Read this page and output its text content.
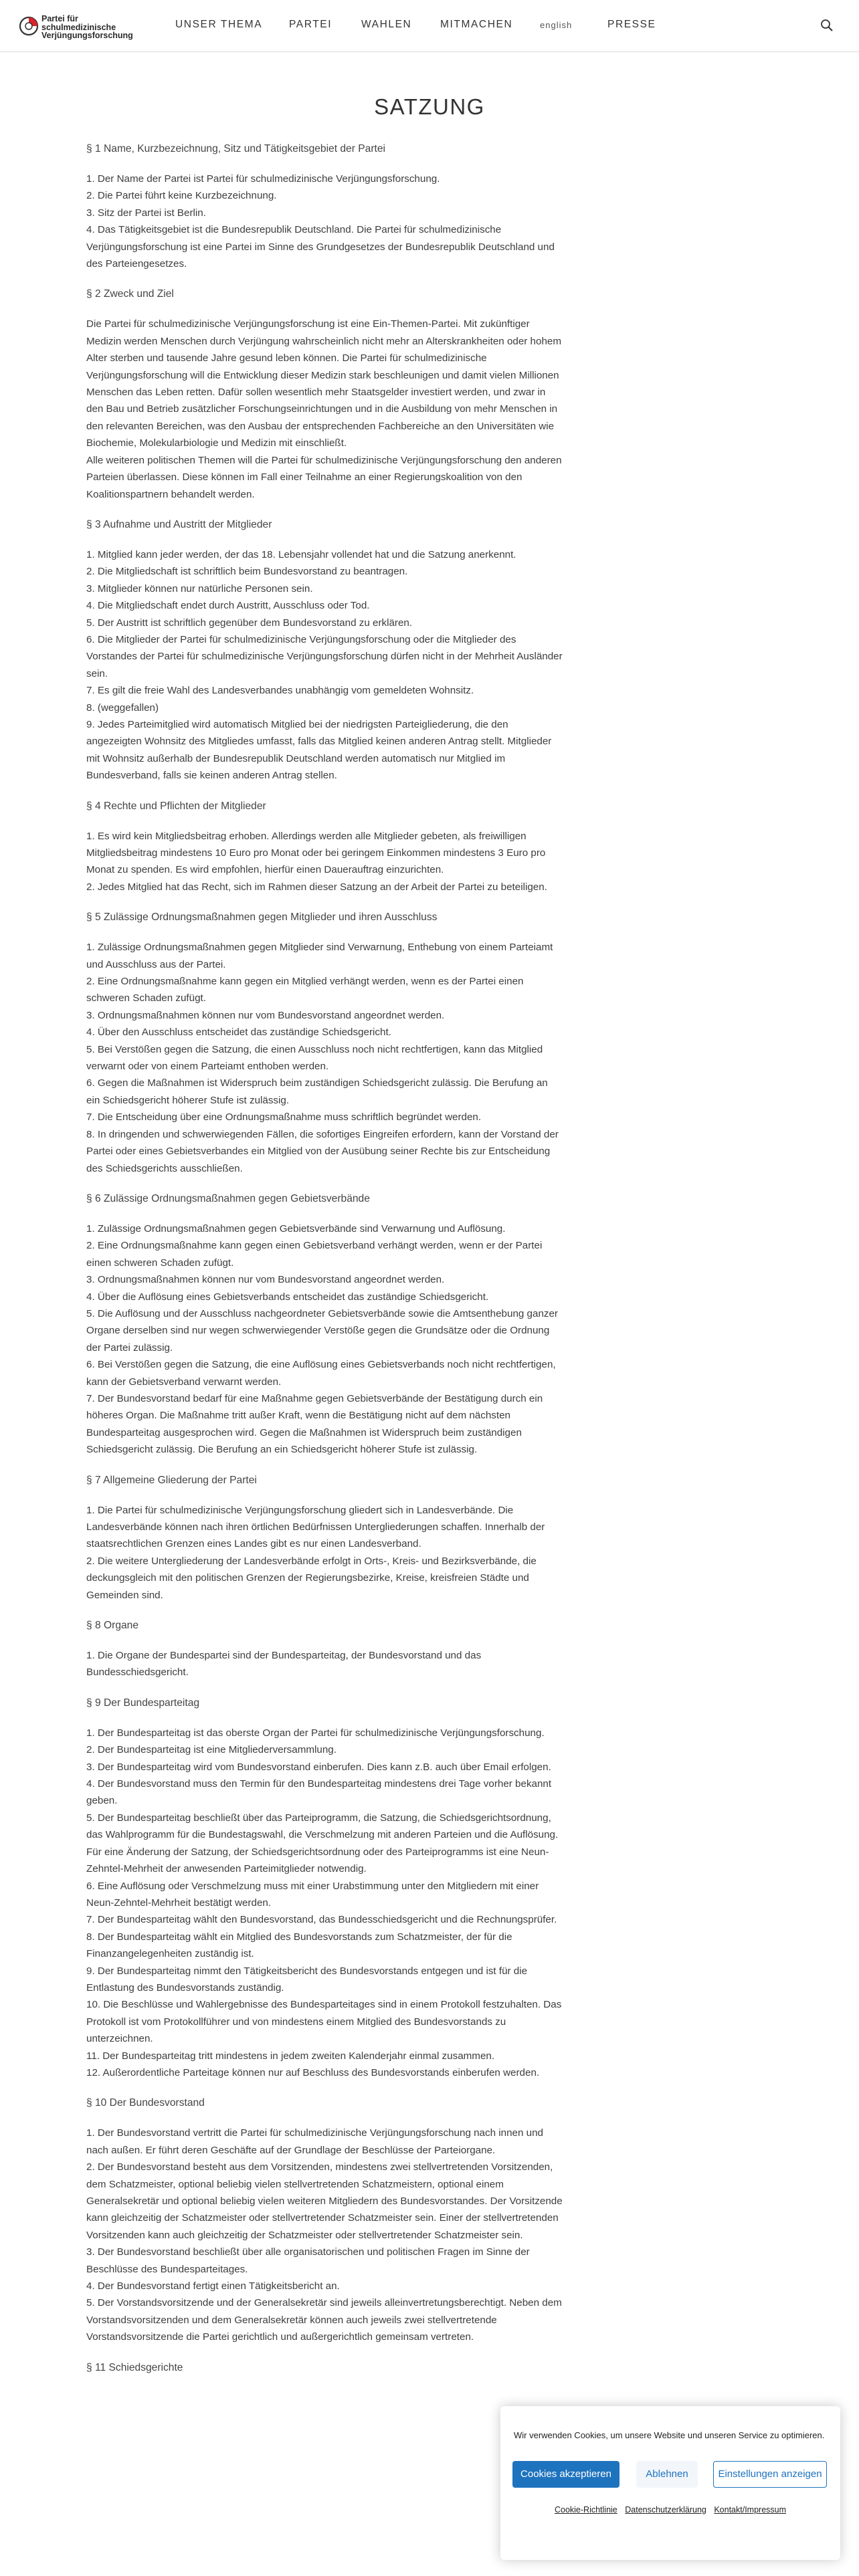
Partei für
schulmedizinische
Verjüngungsforschung
UNSER THEMA	PARTEI	WAHLEN	MITMACHEN	english	PRESSE
SATZUNG
§ 1 Name, Kurzbezeichnung, Sitz und Tätigkeitsgebiet der Partei

1. Der Name der Partei ist Partei für schulmedizinische Verjüngungsforschung.

2. Die Partei führt keine Kurzbezeichnung.

3. Sitz der Partei ist Berlin.

4. Das Tätigkeitsgebiet ist die Bundesrepublik Deutschland. Die Partei für schulmedizinische Verjüngungsforschung ist eine Partei im Sinne des Grundgesetzes der Bundesrepublik Deutschland und des Parteiengesetzes.

§ 2 Zweck und Ziel

Die Partei für schulmedizinische Verjüngungsforschung ist eine Ein-Themen-Partei. Mit zukünftiger Medizin werden Menschen durch Verjüngung wahrscheinlich nicht mehr an Alterskrankheiten oder hohem Alter sterben und tausende Jahre gesund leben können. Die Partei für schulmedizinische Verjüngungsforschung will die Entwicklung dieser Medizin stark beschleunigen und damit vielen Millionen Menschen das Leben retten. Dafür sollen wesentlich mehr Staatsgelder investiert werden, und zwar in den Bau und Betrieb zusätzlicher Forschungseinrichtungen und in die Ausbildung von mehr Menschen in den relevanten Bereichen, was den Ausbau der entsprechenden Fachbereiche an den Universitäten wie Biochemie, Molekularbiologie und Medizin mit einschließt.

Alle weiteren politischen Themen will die Partei für schulmedizinische Verjüngungsforschung den anderen Parteien überlassen. Diese können im Fall einer Teilnahme an einer Regierungskoalition von den Koalitionspartnern behandelt werden.

§ 3 Aufnahme und Austritt der Mitglieder

1. Mitglied kann jeder werden, der das 18. Lebensjahr vollendet hat und die Satzung anerkennt.

2. Die Mitgliedschaft ist schriftlich beim Bundesvorstand zu beantragen.

3. Mitglieder können nur natürliche Personen sein.

4. Die Mitgliedschaft endet durch Austritt, Ausschluss oder Tod.

5. Der Austritt ist schriftlich gegenüber dem Bundesvorstand zu erklären.

6. Die Mitglieder der Partei für schulmedizinische Verjüngungsforschung oder die Mitglieder des Vorstandes der Partei für schulmedizinische Verjüngungsforschung dürfen nicht in der Mehrheit Ausländer sein.

7. Es gilt die freie Wahl des Landesverbandes unabhängig vom gemeldeten Wohnsitz.

8. (weggefallen)

9. Jedes Parteimitglied wird automatisch Mitglied bei der niedrigsten Parteigliederung, die den angezeigten Wohnsitz des Mitgliedes umfasst, falls das Mitglied keinen anderen Antrag stellt. Mitglieder mit Wohnsitz außerhalb der Bundesrepublik Deutschland werden automatisch nur Mitglied im Bundesverband, falls sie keinen anderen Antrag stellen.

§ 4 Rechte und Pflichten der Mitglieder

1. Es wird kein Mitgliedsbeitrag erhoben. Allerdings werden alle Mitglieder gebeten, als freiwilligen Mitgliedsbeitrag mindestens 10 Euro pro Monat oder bei geringem Einkommen mindestens 3 Euro pro Monat zu spenden. Es wird empfohlen, hierfür einen Dauerauftrag einzurichten.

2. Jedes Mitglied hat das Recht, sich im Rahmen dieser Satzung an der Arbeit der Partei zu beteiligen.

§ 5 Zulässige Ordnungsmaßnahmen gegen Mitglieder und ihren Ausschluss

1. Zulässige Ordnungsmaßnahmen gegen Mitglieder sind Verwarnung, Enthebung von einem Parteiamt und Ausschluss aus der Partei.

2. Eine Ordnungsmaßnahme kann gegen ein Mitglied verhängt werden, wenn es der Partei einen schweren Schaden zufügt.

3. Ordnungsmaßnahmen können nur vom Bundesvorstand angeordnet werden.

4. Über den Ausschluss entscheidet das zuständige Schiedsgericht.

5. Bei Verstößen gegen die Satzung, die einen Ausschluss noch nicht rechtfertigen, kann das Mitglied verwarnt oder von einem Parteiamt enthoben werden.

6. Gegen die Maßnahmen ist Widerspruch beim zuständigen Schiedsgericht zulässig. Die Berufung an ein Schiedsgericht höherer Stufe ist zulässig.

7. Die Entscheidung über eine Ordnungsmaßnahme muss schriftlich begründet werden.

8. In dringenden und schwerwiegenden Fällen, die sofortiges Eingreifen erfordern, kann der Vorstand der Partei oder eines Gebietsverbandes ein Mitglied von der Ausübung seiner Rechte bis zur Entscheidung des Schiedsgerichts ausschließen.

§ 6 Zulässige Ordnungsmaßnahmen gegen Gebietsverbände

1. Zulässige Ordnungsmaßnahmen gegen Gebietsverbände sind Verwarnung und Auflösung.

2. Eine Ordnungsmaßnahme kann gegen einen Gebietsverband verhängt werden, wenn er der Partei einen schweren Schaden zufügt.

3. Ordnungsmaßnahmen können nur vom Bundesvorstand angeordnet werden.

4. Über die Auflösung eines Gebietsverbands entscheidet das zuständige Schiedsgericht.

5. Die Auflösung und der Ausschluss nachgeordneter Gebietsverbände sowie die Amtsenthebung ganzer Organe derselben sind nur wegen schwerwiegender Verstöße gegen die Grundsätze oder die Ordnung der Partei zulässig.

6. Bei Verstößen gegen die Satzung, die eine Auflösung eines Gebietsverbands noch nicht rechtfertigen, kann der Gebietsverband verwarnt werden.

7. Der Bundesvorstand bedarf für eine Maßnahme gegen Gebietsverbände der Bestätigung durch ein höheres Organ. Die Maßnahme tritt außer Kraft, wenn die Bestätigung nicht auf dem nächsten Bundesparteitag ausgesprochen wird. Gegen die Maßnahmen ist Widerspruch beim zuständigen Schiedsgericht zulässig. Die Berufung an ein Schiedsgericht höherer Stufe ist zulässig.

§ 7 Allgemeine Gliederung der Partei

1. Die Partei für schulmedizinische Verjüngungsforschung gliedert sich in Landesverbände. Die Landesverbände können nach ihren örtlichen Bedürfnissen Untergliederungen schaffen. Innerhalb der staatsrechtlichen Grenzen eines Landes gibt es nur einen Landesverband.

2. Die weitere Untergliederung der Landesverbände erfolgt in Orts-, Kreis- und Bezirksverbände, die deckungsgleich mit den politischen Grenzen der Regierungsbezirke, Kreise, kreisfreien Städte und Gemeinden sind.

§ 8 Organe

1. Die Organe der Bundespartei sind der Bundesparteitag, der Bundesvorstand und das Bundesschiedsgericht.

§ 9 Der Bundesparteitag

1. Der Bundesparteitag ist das oberste Organ der Partei für schulmedizinische Verjüngungsforschung.

2. Der Bundesparteitag ist eine Mitgliederversammlung.

3. Der Bundesparteitag wird vom Bundesvorstand einberufen. Dies kann z.B. auch über Email erfolgen.

4. Der Bundesvorstand muss den Termin für den Bundesparteitag mindestens drei Tage vorher bekannt geben.

5. Der Bundesparteitag beschließt über das Parteiprogramm, die Satzung, die Schiedsgerichtsordnung, das Wahlprogramm für die Bundestagswahl, die Verschmelzung mit anderen Parteien und die Auflösung. Für eine Änderung der Satzung, der Schiedsgerichtsordnung oder des Parteiprogramms ist eine Neun-Zehntel-Mehrheit der anwesenden Parteimitglieder notwendig.

6. Eine Auflösung oder Verschmelzung muss mit einer Urabstimmung unter den Mitgliedern mit einer Neun-Zehntel-Mehrheit bestätigt werden.

7. Der Bundesparteitag wählt den Bundesvorstand, das Bundesschiedsgericht und die Rechnungsprüfer.

8. Der Bundesparteitag wählt ein Mitglied des Bundesvorstands zum Schatzmeister, der für die Finanzangelegenheiten zuständig ist.

9. Der Bundesparteitag nimmt den Tätigkeitsbericht des Bundesvorstands entgegen und ist für die Entlastung des Bundesvorstands zuständig.

10. Die Beschlüsse und Wahlergebnisse des Bundesparteitages sind in einem Protokoll festzuhalten. Das Protokoll ist vom Protokollführer und von mindestens einem Mitglied des Bundesvorstands zu unterzeichnen.

11. Der Bundesparteitag tritt mindestens in jedem zweiten Kalenderjahr einmal zusammen.

12. Außerordentliche Parteitage können nur auf Beschluss des Bundesvorstands einberufen werden.

§ 10 Der Bundesvorstand

1. Der Bundesvorstand vertritt die Partei für schulmedizinische Verjüngungsforschung nach innen und nach außen. Er führt deren Geschäfte auf der Grundlage der Beschlüsse der Parteiorgane.

2. Der Bundesvorstand besteht aus dem Vorsitzenden, mindestens zwei stellvertretenden Vorsitzenden, dem Schatzmeister, optional beliebig vielen stellvertretenden Schatzmeistern, optional einem Generalsekretär und optional beliebig vielen weiteren Mitgliedern des Bundesvorstandes. Der Vorsitzende kann gleichzeitig der Schatzmeister oder stellvertretender Schatzmeister sein. Einer der stellvertretenden Vorsitzenden kann auch gleichzeitig der Schatzmeister oder stellvertretender Schatzmeister sein.

3. Der Bundesvorstand beschließt über alle organisatorischen und politischen Fragen im Sinne der Beschlüsse des Bundesparteitages.

4. Der Bundesvorstand fertigt einen Tätigkeitsbericht an.

5. Der Vorstandsvorsitzende und der Generalsekretär sind jeweils alleinvertretungsberechtigt. Neben dem Vorstandsvorsitzenden und dem Generalsekretär können auch jeweils zwei stellvertretende Vorstandsvorsitzende die Partei gerichtlich und außergerichtlich gemeinsam vertreten.

§ 11 Schiedsgerichte
Wir verwenden Cookies, um unsere Website und unseren Service zu optimieren.
Cookies akzeptieren	Ablehnen	Einstellungen anzeigen
Cookie-Richtlinie Datenschutzerklärung Kontakt/Impressum
